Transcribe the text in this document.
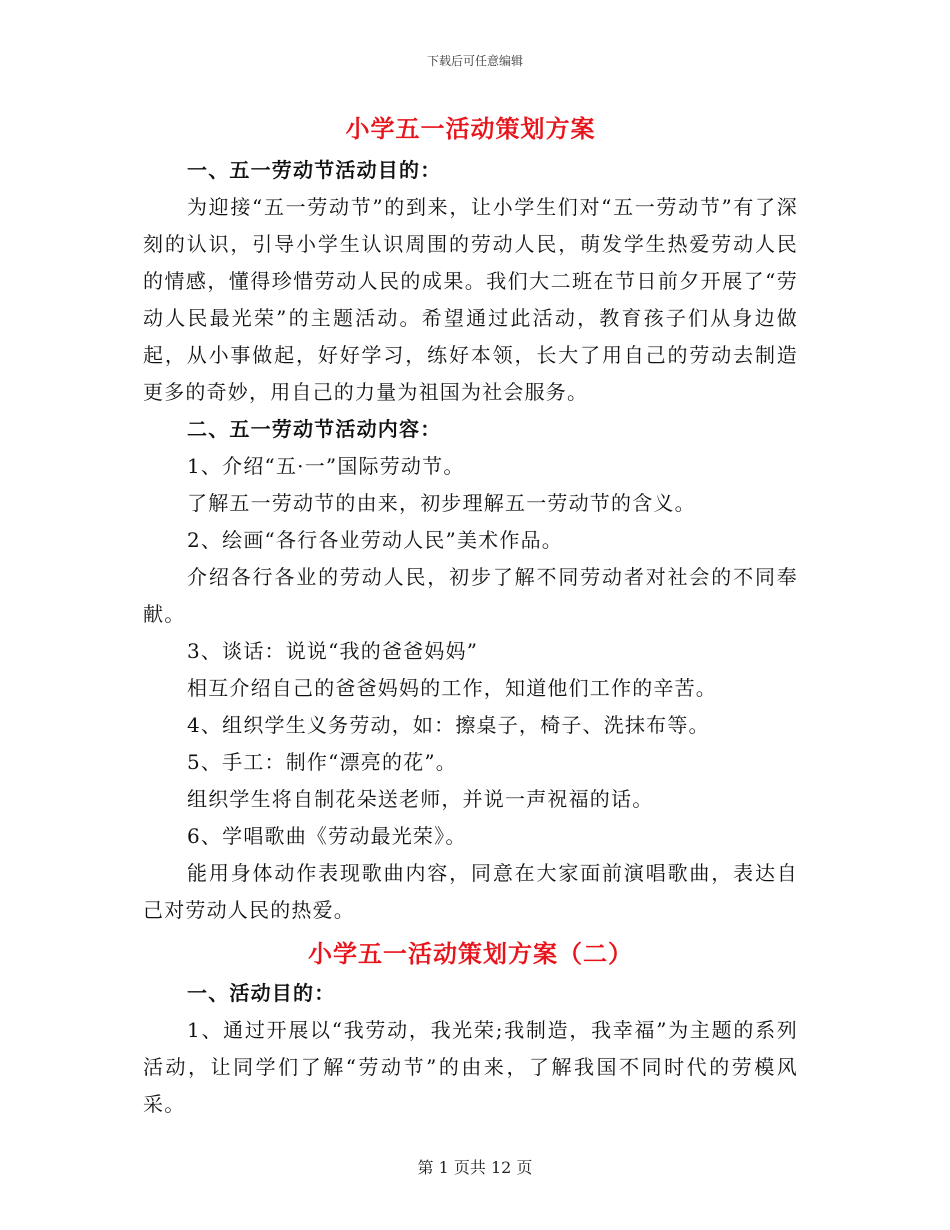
下载后可任意编辑
小学五一活动策划方案

一、五一劳动节活动目的：

为迎接“五一劳动节”的到来，让小学生们对“五一劳动节”有了深刻的认识，引导小学生认识周围的劳动人民，萌发学生热爱劳动人民的情感，懂得珍惜劳动人民的成果。我们大二班在节日前夕开展了“劳动人民最光荣”的主题活动。希望通过此活动，教育孩子们从身边做起，从小事做起，好好学习，练好本领，长大了用自己的劳动去制造更多的奇妙，用自己的力量为祖国为社会服务。

二、五一劳动节活动内容：

1、介绍“五·一”国际劳动节。

了解五一劳动节的由来，初步理解五一劳动节的含义。

2、绘画“各行各业劳动人民”美术作品。

介绍各行各业的劳动人民，初步了解不同劳动者对社会的不同奉献。

3、谈话：说说“我的爸爸妈妈”

相互介绍自己的爸爸妈妈的工作，知道他们工作的辛苦。

4、组织学生义务劳动，如：擦桌子，椅子、洗抹布等。

5、手工：制作“漂亮的花”。

组织学生将自制花朵送老师，并说一声祝福的话。

6、学唱歌曲《劳动最光荣》。

能用身体动作表现歌曲内容，同意在大家面前演唱歌曲，表达自己对劳动人民的热爱。

小学五一活动策划方案（二）

一、活动目的：

1、通过开展以“我劳动，我光荣;我制造，我幸福”为主题的系列活动，让同学们了解“劳动节”的由来，了解我国不同时代的劳模风采。

第 1 页共 12 页
